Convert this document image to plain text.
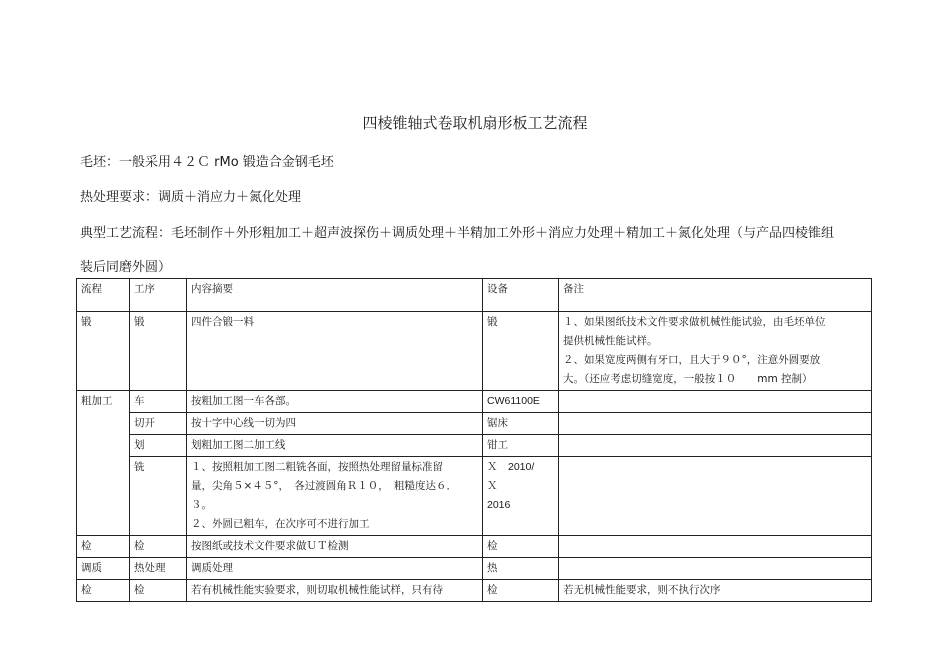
四棱锥轴式卷取机扇形板工艺流程
毛坯：一般采用４２Ｃ rMo 锻造合金钢毛坯
热处理要求：调质＋消应力＋氮化处理
典型工艺流程：毛坯制作＋外形粗加工＋超声波探伤＋调质处理＋半精加工外形＋消应力处理＋精加工＋氮化处理（与产品四棱锥组
装后同磨外圆）
流程	工序	内容摘要	设备	备注
锻	锻	四件合锻一料	锻	１、如果图纸技术文件要求做机械性能试验，由毛坯单位
提供机械性能试样。
２、如果宽度两侧有牙口，且大于９０°，注意外圆要放
大。（还应考虑切缝宽度，一般按１０　　mm 控制）

粗加工	车	按粗加工图一车各部。	CW61100E	
	切开	按十字中心线一切为四	锯床	
	划	划粗加工图二加工线	钳工	
	铣	１、按照粗加工图二粗铣各面，按照热处理留量标准留
量，尖角５×４５°，　各过渡圆角Ｒ１０，　粗糙度达６．
３。
２、外圆已粗车，在次序可不进行加工	Ｘ　2010/　Ｘ
2016	

检	检	按图纸或技术文件要求做ＵＴ检测	检	
调质	热处理	调质处理	热	
检	检	若有机械性能实验要求，则切取机械性能试样，只有待	检	若无机械性能要求，则不执行次序
